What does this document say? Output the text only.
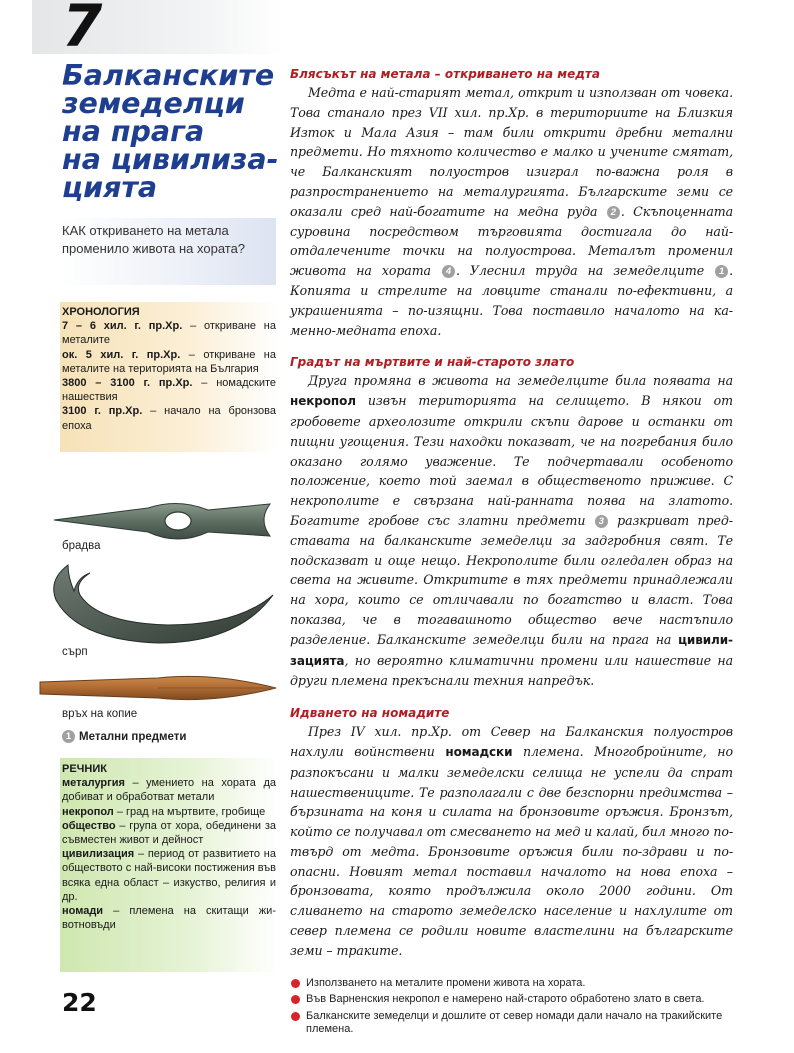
7
Балканските
земеделци
на прага
на цивилиза-
цията
КАК откриването на метала променило живота на хората?
ХРОНОЛОГИЯ

7 – 6 хил. г. пр.Хр. – откриване на металите

ок. 5 хил. г. пр.Хр. – откриване на металите на територията на България

3800 – 3100 г. пр.Хр. – номадските нашествия

3100 г. пр.Хр. – начало на бронзова епоха

брадва
сърп
връх на копие
1 Метални предмети
РЕЧНИК

металургия – умението на хората да добиват и обработват метали

некропол – град на мъртвите, гробище

общество – група от хора, обединени за съвместен живот и дейност

цивилизация – период от развитието на обществото с най-високи постижения във всяка една област – изкуство, религия и др.

номади – племена на скитащи животновъди

22
Блясъкът на метала – откриването на медта

Медта е най-старият метал, открит и използван от човека. Това станало през VII хил. пр.Хр. в териториите на Близкия Изток и Мала Азия – там били открити дребни метални предмети. Но тяхното количество е малко и учените смятат, че Балканският полуостров изиграл по-важна роля в разпространението на металургията. Българските земи се оказали сред най-богатите на медна руда 2 . Скъпоценната суровина посредством търговията достигала до най-отдалечените точки на полуострова. Металът променил живота на хората 4 . Улеснил труда на земеделците 1 . Копията и стрелите на ловците станали по-ефективни, а украшенията – по-изящни. Това поставило началото на каменно-медната епоха.

Градът на мъртвите и най-старото злато

Друга промяна в живота на земеделците била появата на некропол извън територията на селището. В някои от гробовете археолозите открили скъпи дарове и останки от пищни угощения. Тези находки показват, че на погребания било оказано голямо уважение. Те подчертавали особеното положение, което той заемал в общественото приживе. С некрополите е свързана най-ранната поява на златото. Богатите гробове със златни предмети 3 разкриват представата на балканските земеделци за задгробния свят. Те подсказват и още нещо. Некрополите били огледален образ на света на живите. Откритите в тях предмети принадлежали на хора, които се отличавали по богатство и власт. Това показва, че в тогавашното общество вече настъпило разделение. Балканските земеделци били на прага на цивилизацията, но вероятно климатични промени или нашествие на други племена прекъснали техния напредък.

Идването на номадите

През IV хил. пр.Хр. от Север на Балканския полуостров нахлули войнствени номадски племена. Многобройните, но разпокъсани и малки земеделски селища не успели да спрат нашествениците. Те разполагали с две безспорни предимства – бързината на коня и силата на бронзовите оръжия. Бронзът, който се получавал от смесването на мед и калай, бил много по-твърд от медта. Бронзовите оръжия били по-здрави и по-опасни. Новият метал поставил началото на нова епоха – бронзовата, която продължила около 2000 години. От сливането на старото земеделско население и нахлулите от север племена се родили новите властелини на българските земи – траките.

Използването на металите промени живота на хората.
Във Варненския некропол е намерено най-старото обработено злато в света.
Балканските земеделци и дошлите от север номади дали начало на тракийските племена.
